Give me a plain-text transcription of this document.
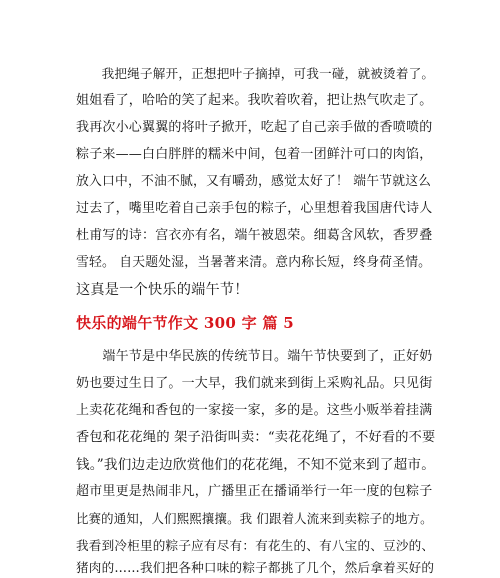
　　我把绳子解开，正想把叶子摘掉，可我一碰，就被烫着了。
姐姐看了，哈哈的笑了起来。我吹着吹着，把让热气吹走了。
我再次小心翼翼的将叶子掀开，吃起了自己亲手做的香喷喷的
粽子来——白白胖胖的糯米中间，包着一团鲜汁可口的肉馅，
放入口中，不油不腻，又有嚼劲，感觉太好了！ 端午节就这么
过去了，嘴里吃着自己亲手包的粽子，心里想着我国唐代诗人
杜甫写的诗：宫衣亦有名，端午被恩荣。细葛含风软，香罗叠
雪轻。 自天题处湿，当暑著来清。意内称长短，终身荷圣情。
这真是一个快乐的端午节！
快乐的端午节作文 300 字 篇 5
　　端午节是中华民族的传统节日。端午节快要到了，正好奶
奶也要过生日了。一大早，我们就来到街上采购礼品。只见街
上卖花花绳和香包的一家接一家，多的是。这些小贩举着挂满
香包和花花绳的 架子沿街叫卖：“卖花花绳了，不好看的不要
钱。”我们边走边欣赏他们的花花绳，不知不觉来到了超市。
超市里更是热闹非凡，广播里正在播诵举行一年一度的包粽子
比赛的通知，人们熙熙攘攘。我 们跟着人流来到卖粽子的地方。
我看到冷柜里的粽子应有尽有：有花生的、有八宝的、豆沙的、
猪肉的……我们把各种口味的粽子都挑了几个，然后拿着买好的
